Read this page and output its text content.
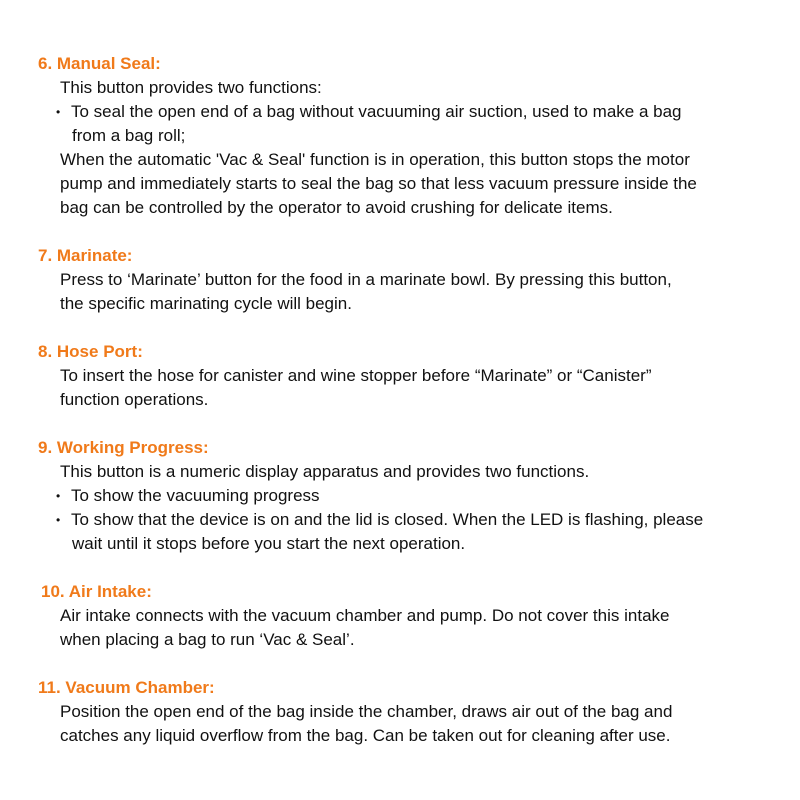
6. Manual Seal:
This button provides two functions:
• To seal the open end of a bag without vacuuming air suction, used to make a bag
from a bag roll;
When the automatic 'Vac & Seal' function is in operation, this button stops the motor
pump and immediately starts to seal the bag so that less vacuum pressure inside the
bag can be controlled by the operator to avoid crushing for delicate items.
7. Marinate:
Press to ‘Marinate’ button for the food in a marinate bowl. By pressing this button,
the specific marinating cycle will begin.
8. Hose Port:
To insert the hose for canister and wine stopper before “Marinate” or “Canister”
function operations.
9. Working Progress:
This button is a numeric display apparatus and provides two functions.
• To show the vacuuming progress
• To show that the device is on and the lid is closed. When the LED is flashing, please
wait until it stops before you start the next operation.
10. Air Intake:
Air intake connects with the vacuum chamber and pump. Do not cover this intake
when placing a bag to run ‘Vac & Seal’.
11. Vacuum Chamber:
Position the open end of the bag inside the chamber, draws air out of the bag and
catches any liquid overflow from the bag. Can be taken out for cleaning after use.
